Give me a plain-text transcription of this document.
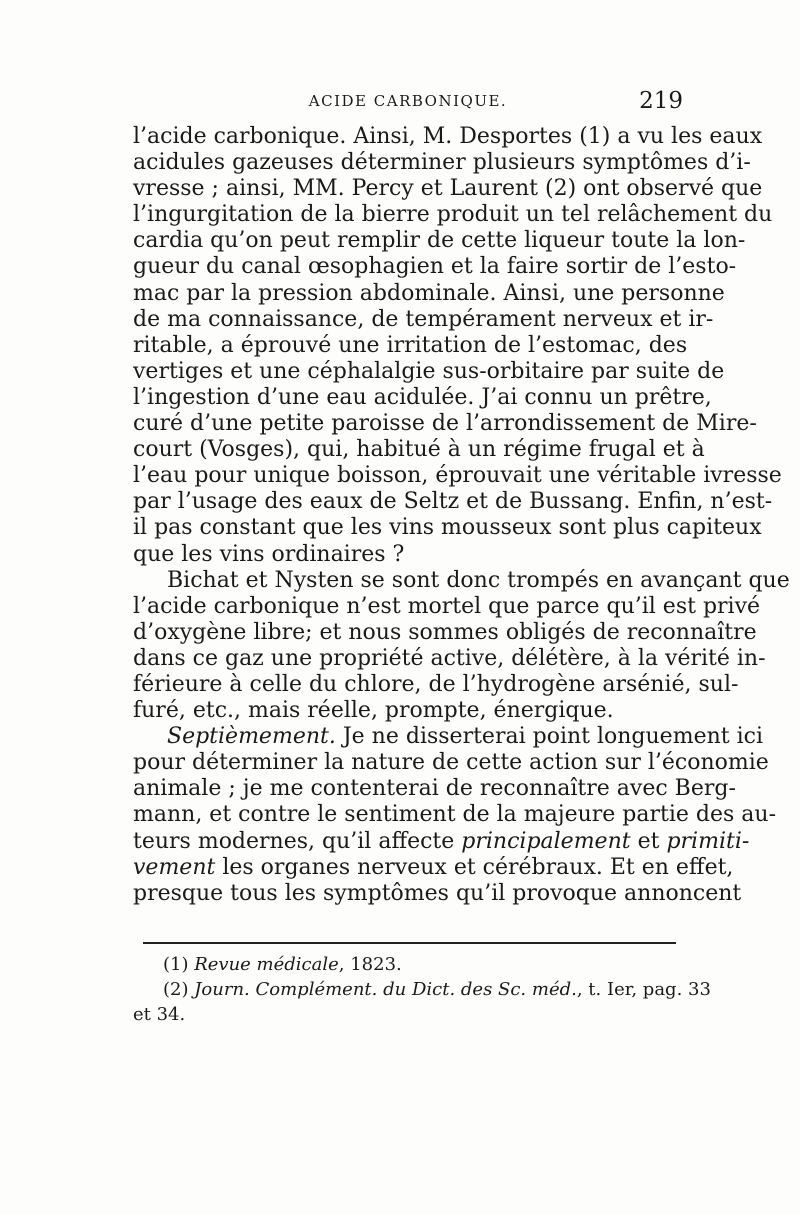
ACIDE CARBONIQUE.	219
l’acide carbonique. Ainsi, M. Desportes (1) a vu les eaux
acidules gazeuses déterminer plusieurs symptômes d’i-
vresse ; ainsi, MM. Percy et Laurent (2) ont observé que
l’ingurgitation de la bierre produit un tel relâchement du
cardia qu’on peut remplir de cette liqueur toute la lon-
gueur du canal œsophagien et la faire sortir de l’esto-
mac par la pression abdominale. Ainsi, une personne
de ma connaissance, de tempérament nerveux et ir-
ritable, a éprouvé une irritation de l’estomac, des
vertiges et une céphalalgie sus-orbitaire par suite de
l’ingestion d’une eau acidulée. J’ai connu un prêtre,
curé d’une petite paroisse de l’arrondissement de Mire-
court (Vosges), qui, habitué à un régime frugal et à
l’eau pour unique boisson, éprouvait une véritable ivresse
par l’usage des eaux de Seltz et de Bussang. Enfin, n’est-
il pas constant que les vins mousseux sont plus capiteux
que les vins ordinaires ?
Bichat et Nysten se sont donc trompés en avançant que
l’acide carbonique n’est mortel que parce qu’il est privé
d’oxygène libre; et nous sommes obligés de reconnaître
dans ce gaz une propriété active, délétère, à la vérité in-
férieure à celle du chlore, de l’hydrogène arsénié, sul-
furé, etc., mais réelle, prompte, énergique.
Septièmement. Je ne disserterai point longuement ici
pour déterminer la nature de cette action sur l’économie
animale ; je me contenterai de reconnaître avec Berg-
mann, et contre le sentiment de la majeure partie des au-
teurs modernes, qu’il affecte principalement et primiti-
vement les organes nerveux et cérébraux. Et en effet,
presque tous les symptômes qu’il provoque annoncent
(1) Revue médicale, 1823.
(2) Journ. Complément. du Dict. des Sc. méd., t. Ier, pag. 33
et 34.
